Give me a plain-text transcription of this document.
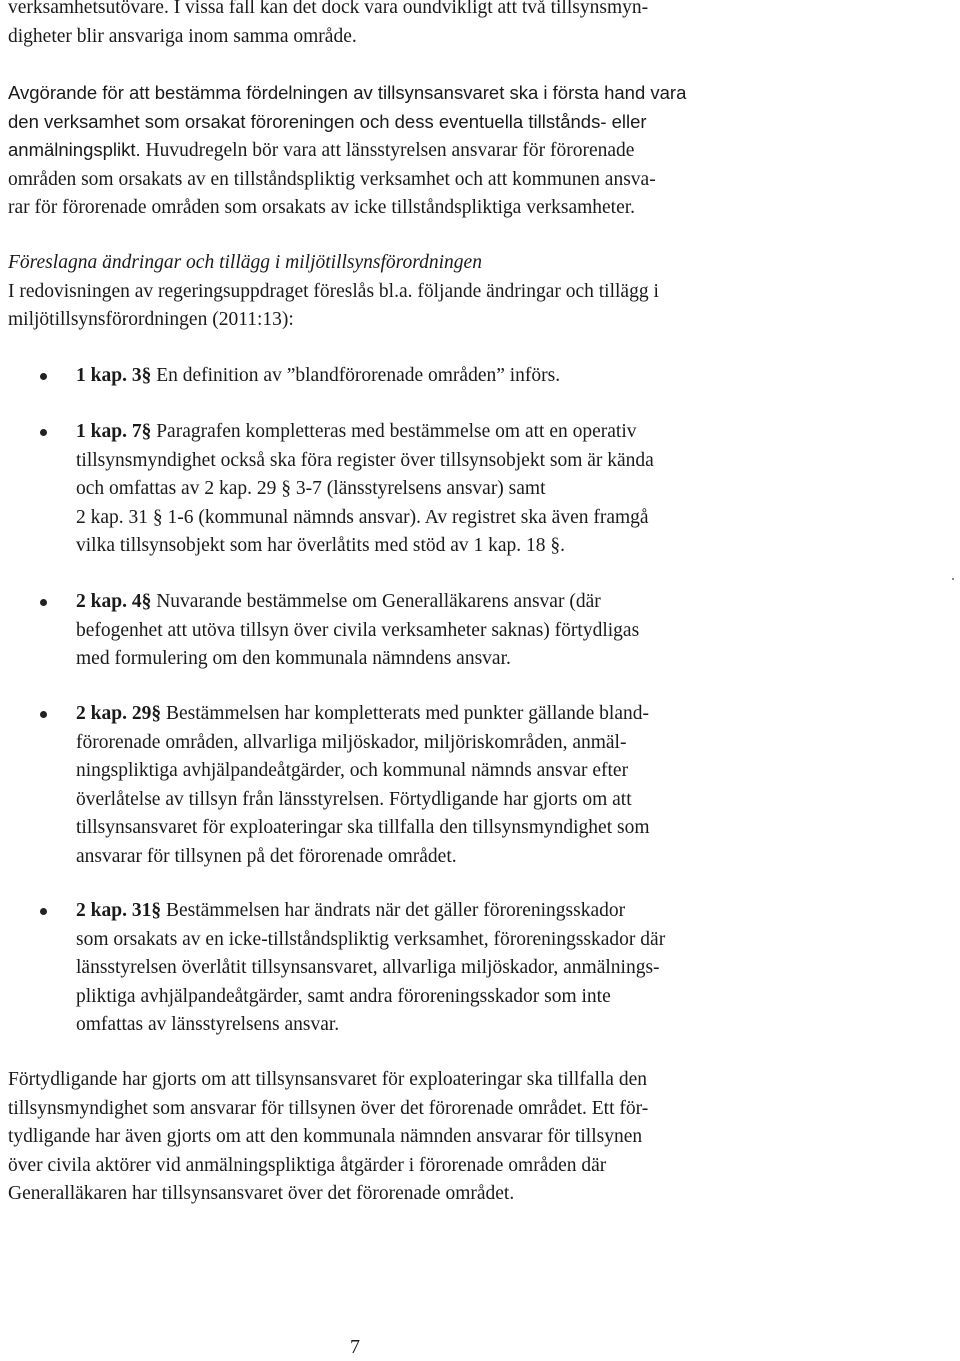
verksamhetsutövare. I vissa fall kan det dock vara oundvikligt att två tillsynsmyn-
digheter blir ansvariga inom samma område.
Avgörande för att bestämma fördelningen av tillsynsansvaret ska i första hand vara
den verksamhet som orsakat föroreningen och dess eventuella tillstånds- eller
anmälningsplikt. Huvudregeln bör vara att länsstyrelsen ansvarar för förorenade
områden som orsakats av en tillståndspliktig verksamhet och att kommunen ansva-
rar för förorenade områden som orsakats av icke tillståndspliktiga verksamheter.
Föreslagna ändringar och tillägg i miljötillsynsförordningen
I redovisningen av regeringsuppdraget föreslås bl.a. följande ändringar och tillägg i
miljötillsynsförordningen (2011:13):
1 kap. 3§ En definition av ”blandförorenade områden” införs.
1 kap. 7§ Paragrafen kompletteras med bestämmelse om att en operativ
tillsynsmyndighet också ska föra register över tillsynsobjekt som är kända
och omfattas av 2 kap. 29 § 3-7 (länsstyrelsens ansvar) samt
2 kap. 31 § 1-6 (kommunal nämnds ansvar). Av registret ska även framgå
vilka tillsynsobjekt som har överlåtits med stöd av 1 kap. 18 §.
2 kap. 4§ Nuvarande bestämmelse om Generalläkarens ansvar (där
befogenhet att utöva tillsyn över civila verksamheter saknas) förtydligas
med formulering om den kommunala nämndens ansvar.
2 kap. 29§ Bestämmelsen har kompletterats med punkter gällande bland-
förorenade områden, allvarliga miljöskador, miljöriskområden, anmäl-
ningspliktiga avhjälpandeåtgärder, och kommunal nämnds ansvar efter
överlåtelse av tillsyn från länsstyrelsen. Förtydligande har gjorts om att
tillsynsansvaret för exploateringar ska tillfalla den tillsynsmyndighet som
ansvarar för tillsynen på det förorenade området.
2 kap. 31§ Bestämmelsen har ändrats när det gäller föroreningsskador
som orsakats av en icke-tillståndspliktig verksamhet, föroreningsskador där
länsstyrelsen överlåtit tillsynsansvaret, allvarliga miljöskador, anmälnings-
pliktiga avhjälpandeåtgärder, samt andra föroreningsskador som inte
omfattas av länsstyrelsens ansvar.
Förtydligande har gjorts om att tillsynsansvaret för exploateringar ska tillfalla den
tillsynsmyndighet som ansvarar för tillsynen över det förorenade området. Ett för-
tydligande har även gjorts om att den kommunala nämnden ansvarar för tillsynen
över civila aktörer vid anmälningspliktiga åtgärder i förorenade områden där
Generalläkaren har tillsynsansvaret över det förorenade området.
7
